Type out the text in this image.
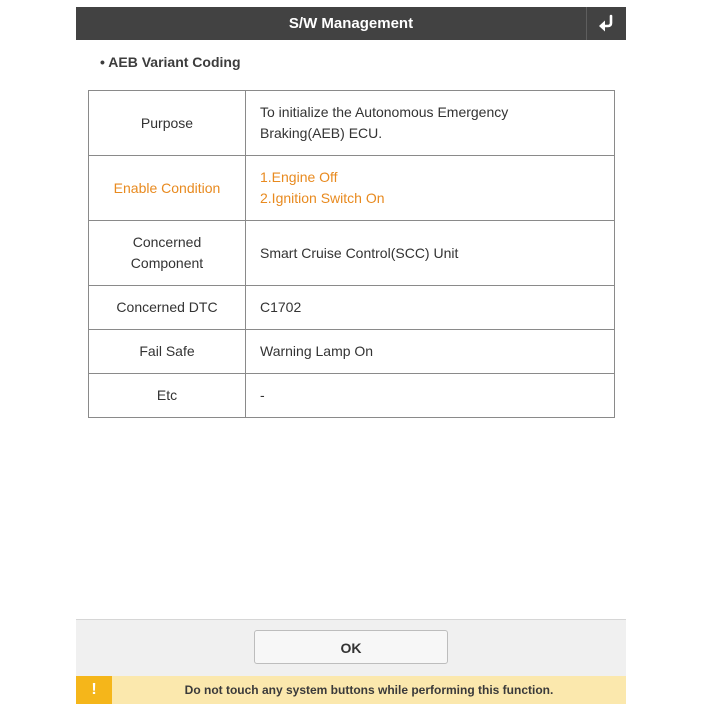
S/W Management
• AEB Variant Coding
Purpose	To initialize the Autonomous Emergency
Braking(AEB) ECU.

Enable Condition	1.Engine Off
2.Ignition Switch On

Concerned
Component	Smart Cruise Control(SCC) Unit

Concerned DTC	C1702

Fail Safe	Warning Lamp On

Etc	-
OK
!	Do not touch any system buttons while performing this function.
